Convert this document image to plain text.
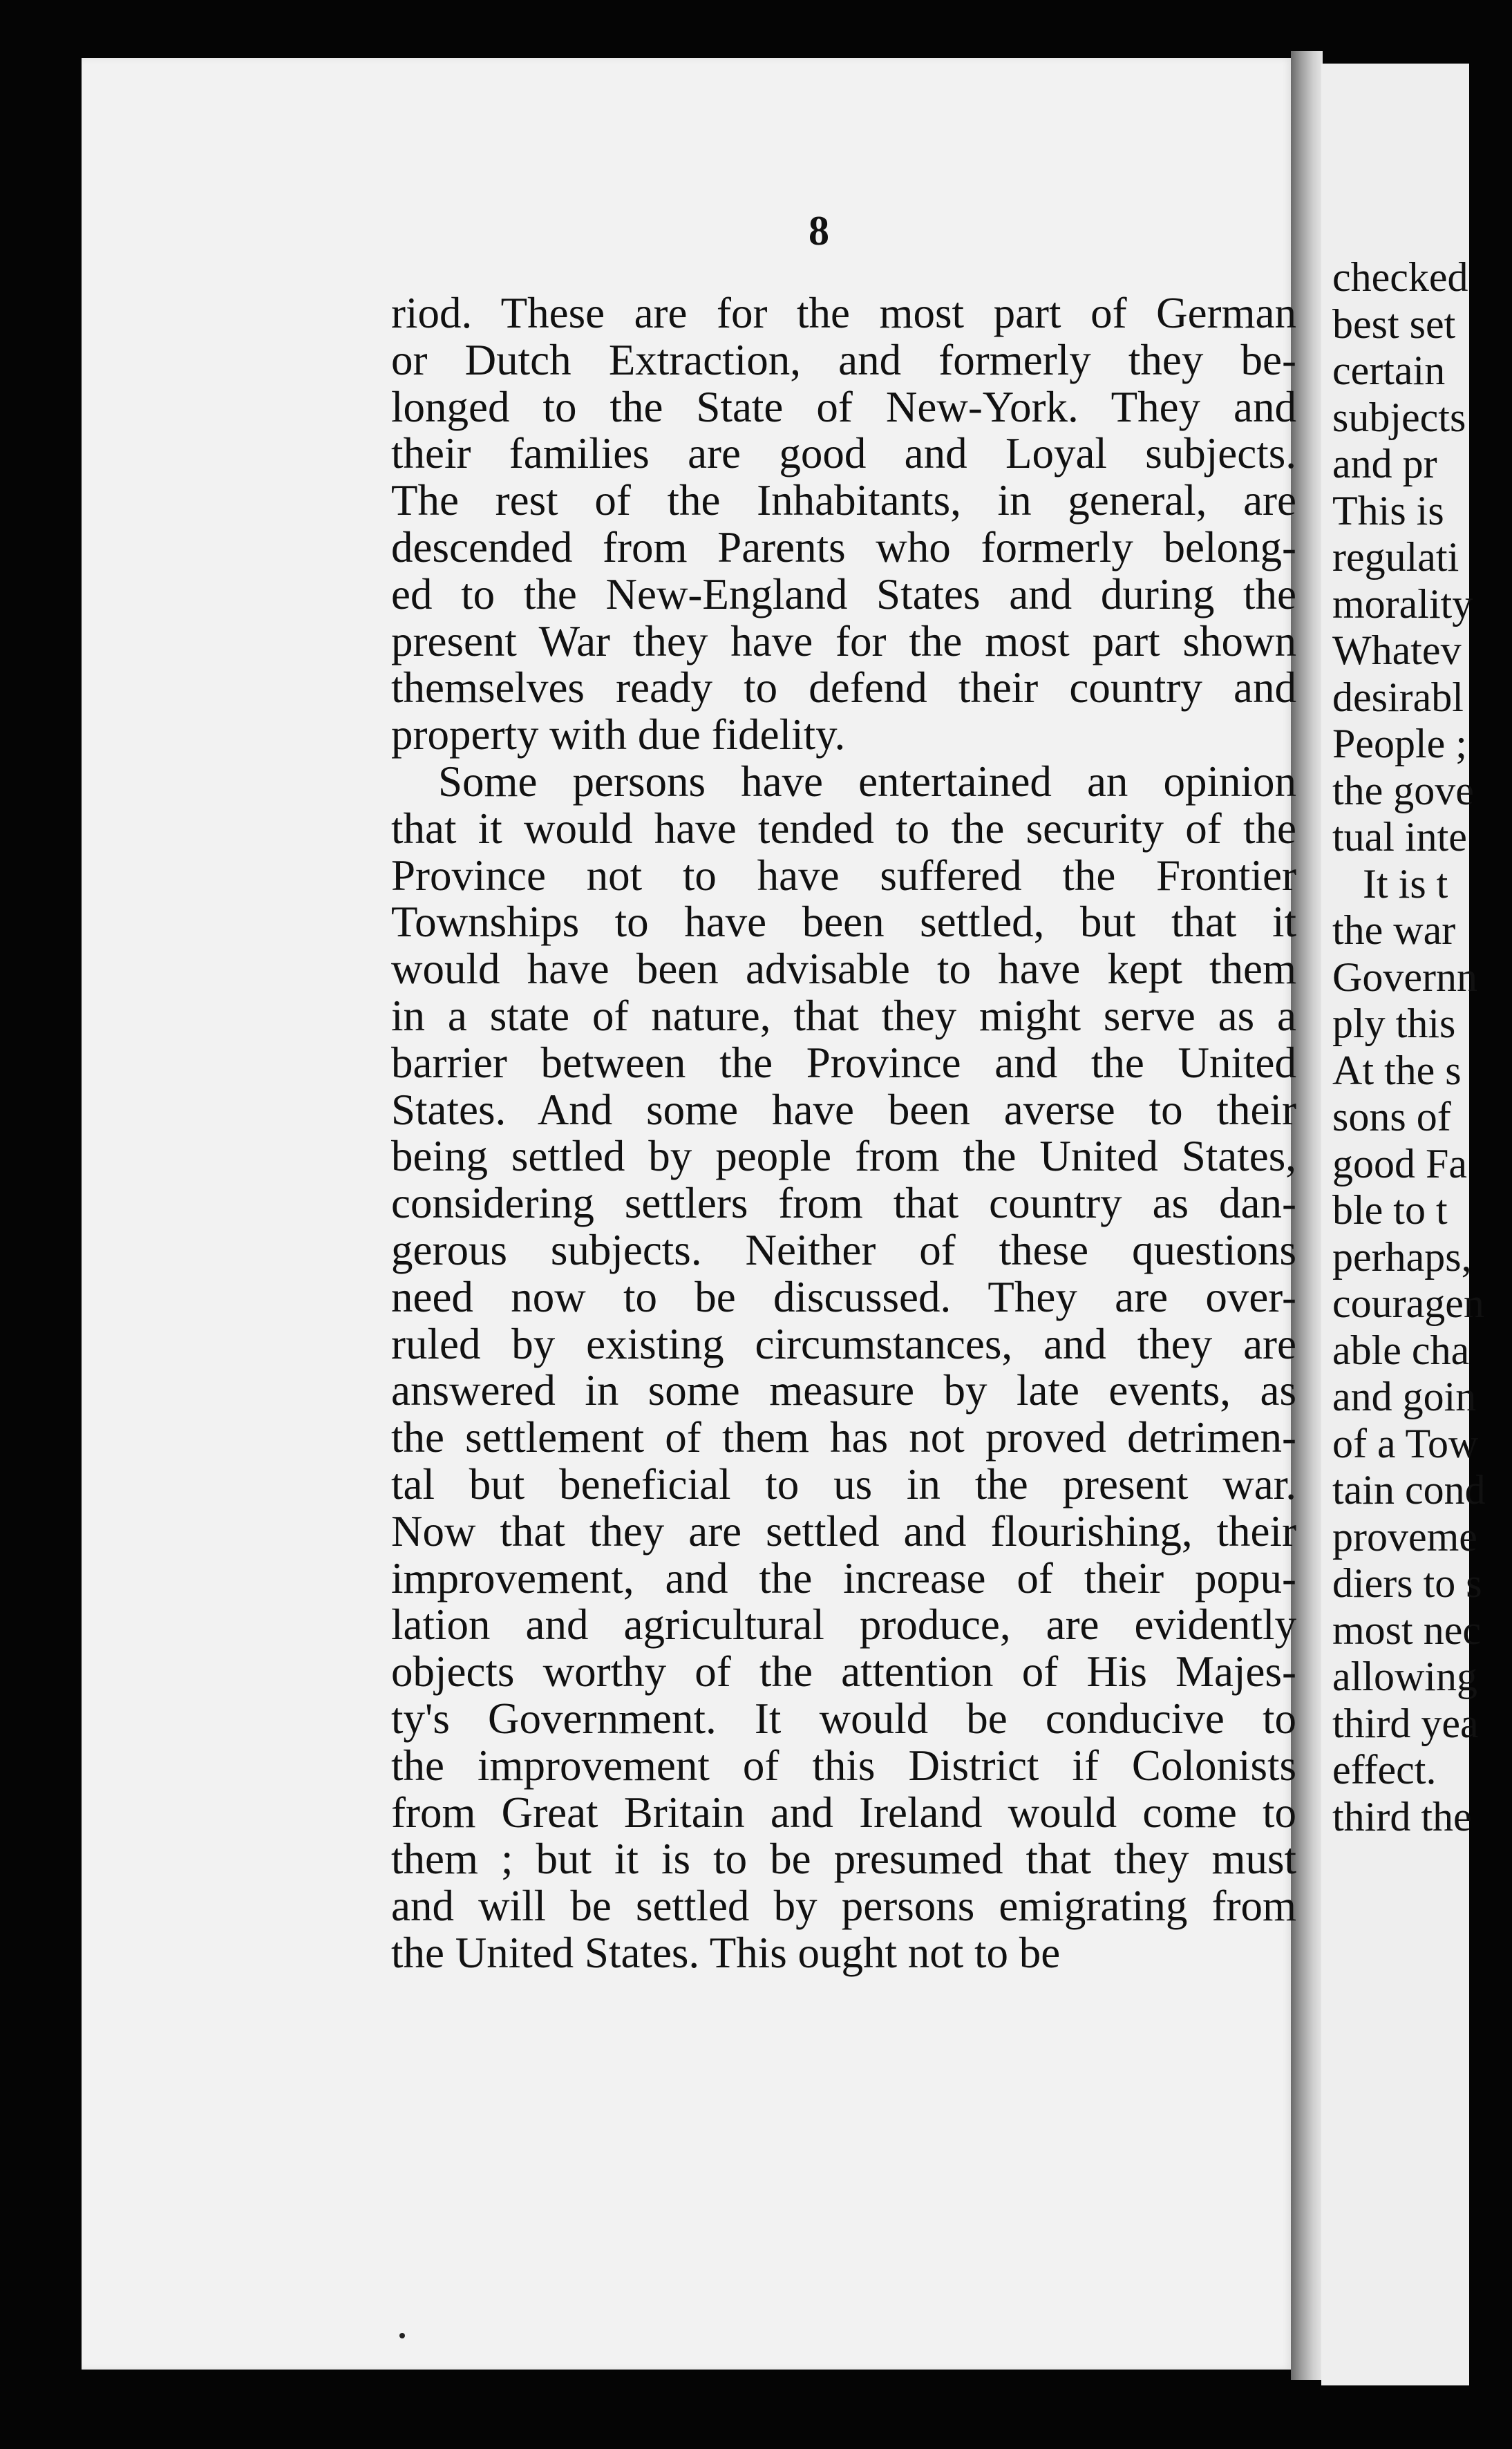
8
riod. These are for the most part of German
or Dutch Extraction, and formerly they be-
longed to the State of New-York. They and
their families are good and Loyal subjects.
The rest of the Inhabitants, in general, are
descended from Parents who formerly belong-
ed to the New-England States and during the
present War they have for the most part shown
themselves ready to defend their country and
property with due fidelity.
Some persons have entertained an opinion
that it would have tended to the security of the
Province not to have suffered the Frontier
Townships to have been settled, but that it
would have been advisable to have kept them
in a state of nature, that they might serve as a
barrier between the Province and the United
States. And some have been averse to their
being settled by people from the United States,
considering settlers from that country as dan-
gerous subjects. Neither of these questions
need now to be discussed. They are over-
ruled by existing circumstances, and they are
answered in some measure by late events, as
the settlement of them has not proved detrimen-
tal but beneficial to us in the present war.
Now that they are settled and flourishing, their
improvement, and the increase of their popu-
lation and agricultural produce, are evidently
objects worthy of the attention of His Majes-
ty's Government. It would be conducive to
the improvement of this District if Colonists
from Great Britain and Ireland would come to
them ; but it is to be presumed that they must
and will be settled by persons emigrating from
the United States. This ought not to be
checked
best set
certain
subjects
and pr
This is
regulati
morality
Whatev
desirabl
People ;
the gove
tual inte
It is t
the war
Governn
ply this
At the s
sons of
good Fa
ble to t
perhaps,
couragen
able cha
and goin
of a Tow
tain cond
proveme
diers to s
most nec
allowing
third yea
effect.
third the
